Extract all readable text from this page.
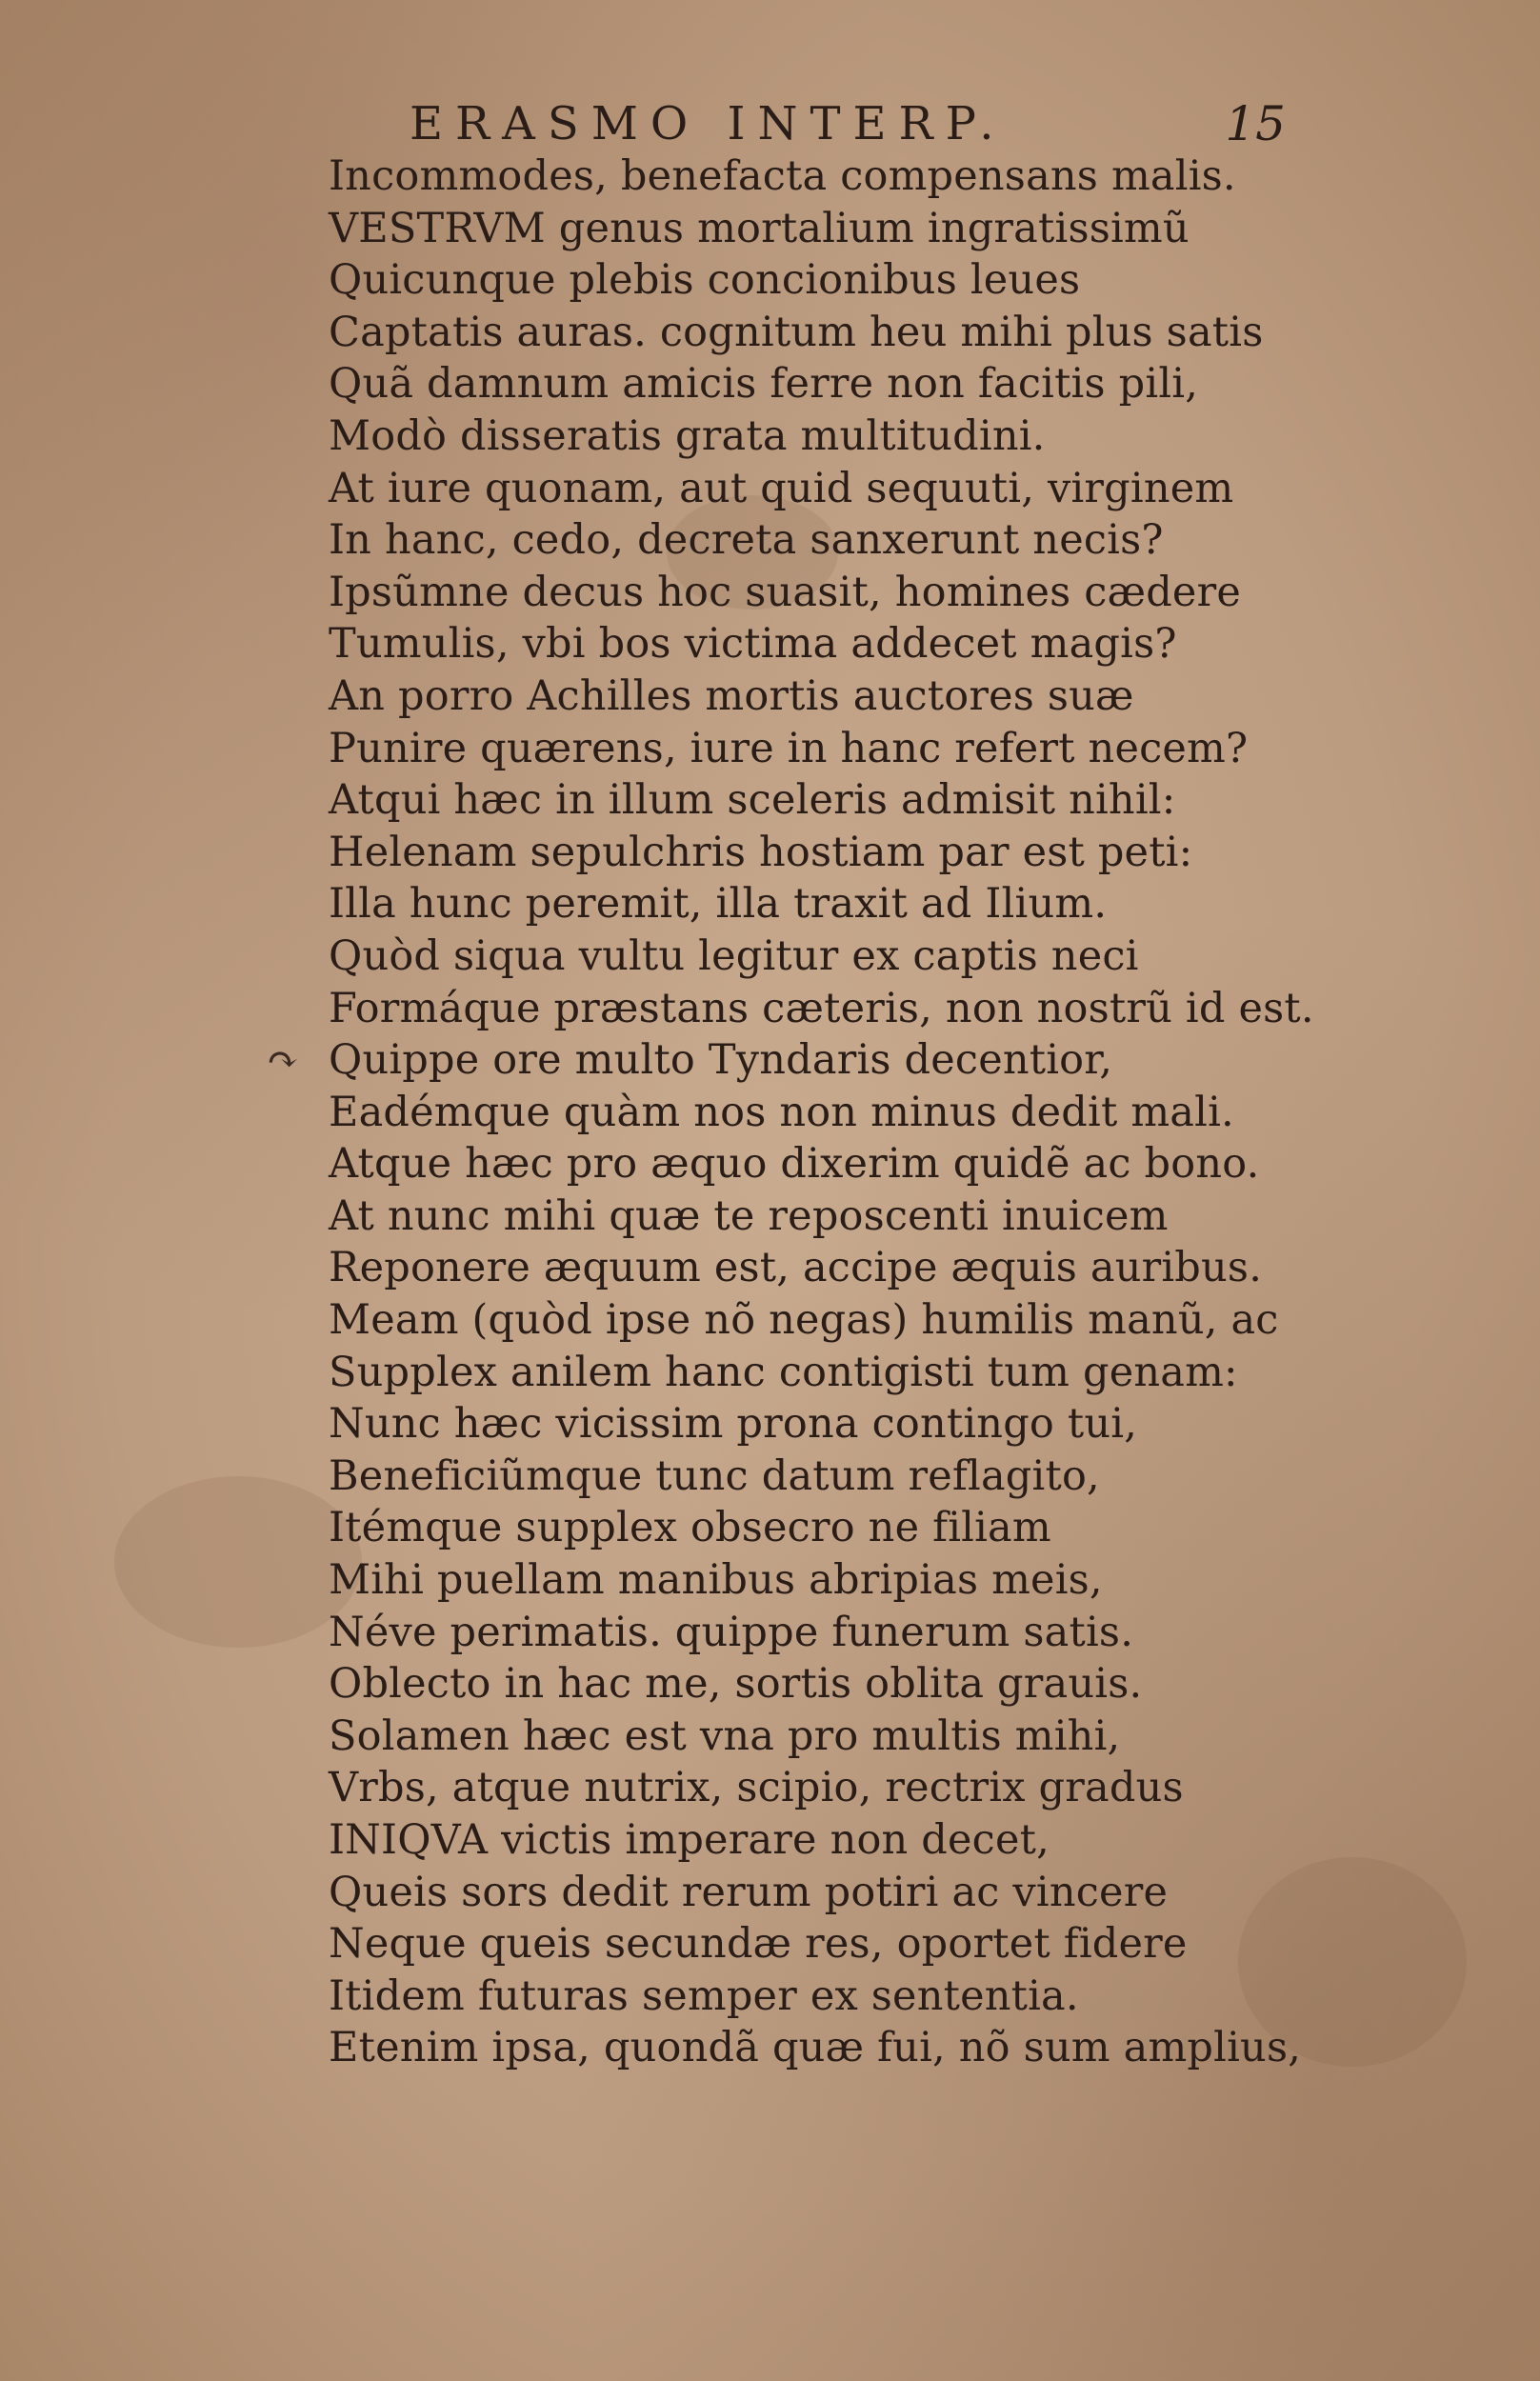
ERASMO INTERP.	15
Incommodes, benefacta compensans malis.
VESTRVM genus mortalium ingratissimũ
Quicunque plebis concionibus leues
Captatis auras. cognitum heu mihi plus satis
Quã damnum amicis ferre non facitis pili,
Modò disseratis grata multitudini.
At iure quonam, aut quid sequuti, virginem
In hanc, cedo, decreta sanxerunt necis?
Ipsũmne decus hoc suasit, homines cædere
Tumulis, vbi bos victima addecet magis?
An porro Achilles mortis auctores suæ
Punire quærens, iure in hanc refert necem?
Atqui hæc in illum sceleris admisit nihil:
Helenam sepulchris hostiam par est peti:
Illa hunc peremit, illa traxit ad Ilium.
Quòd siqua vultu legitur ex captis neci
Formáque præstans cæteris, non nostrũ id est.
Quippe ore multo Tyndaris decentior,
Eadémque quàm nos non minus dedit mali.
Atque hæc pro æquo dixerim quidẽ ac bono.
At nunc mihi quæ te reposcenti inuicem
Reponere æquum est, accipe æquis auribus.
Meam (quòd ipse nõ negas) humilis manũ, ac
Supplex anilem hanc contigisti tum genam:
Nunc hæc vicissim prona contingo tui,
Beneficiũmque tunc datum reflagito,
Itémque supplex obsecro ne filiam
Mihi puellam manibus abripias meis,
Néve perimatis. quippe funerum satis.
Oblecto in hac me, sortis oblita grauis.
Solamen hæc est vna pro multis mihi,
Vrbs, atque nutrix, scipio, rectrix gradus
INIQVA victis imperare non decet,
Queis sors dedit rerum potiri ac vincere
Neque queis secundæ res, oportet fidere
Itidem futuras semper ex sententia.
Etenim ipsa, quondã quæ fui, nõ sum amplius,
↷
